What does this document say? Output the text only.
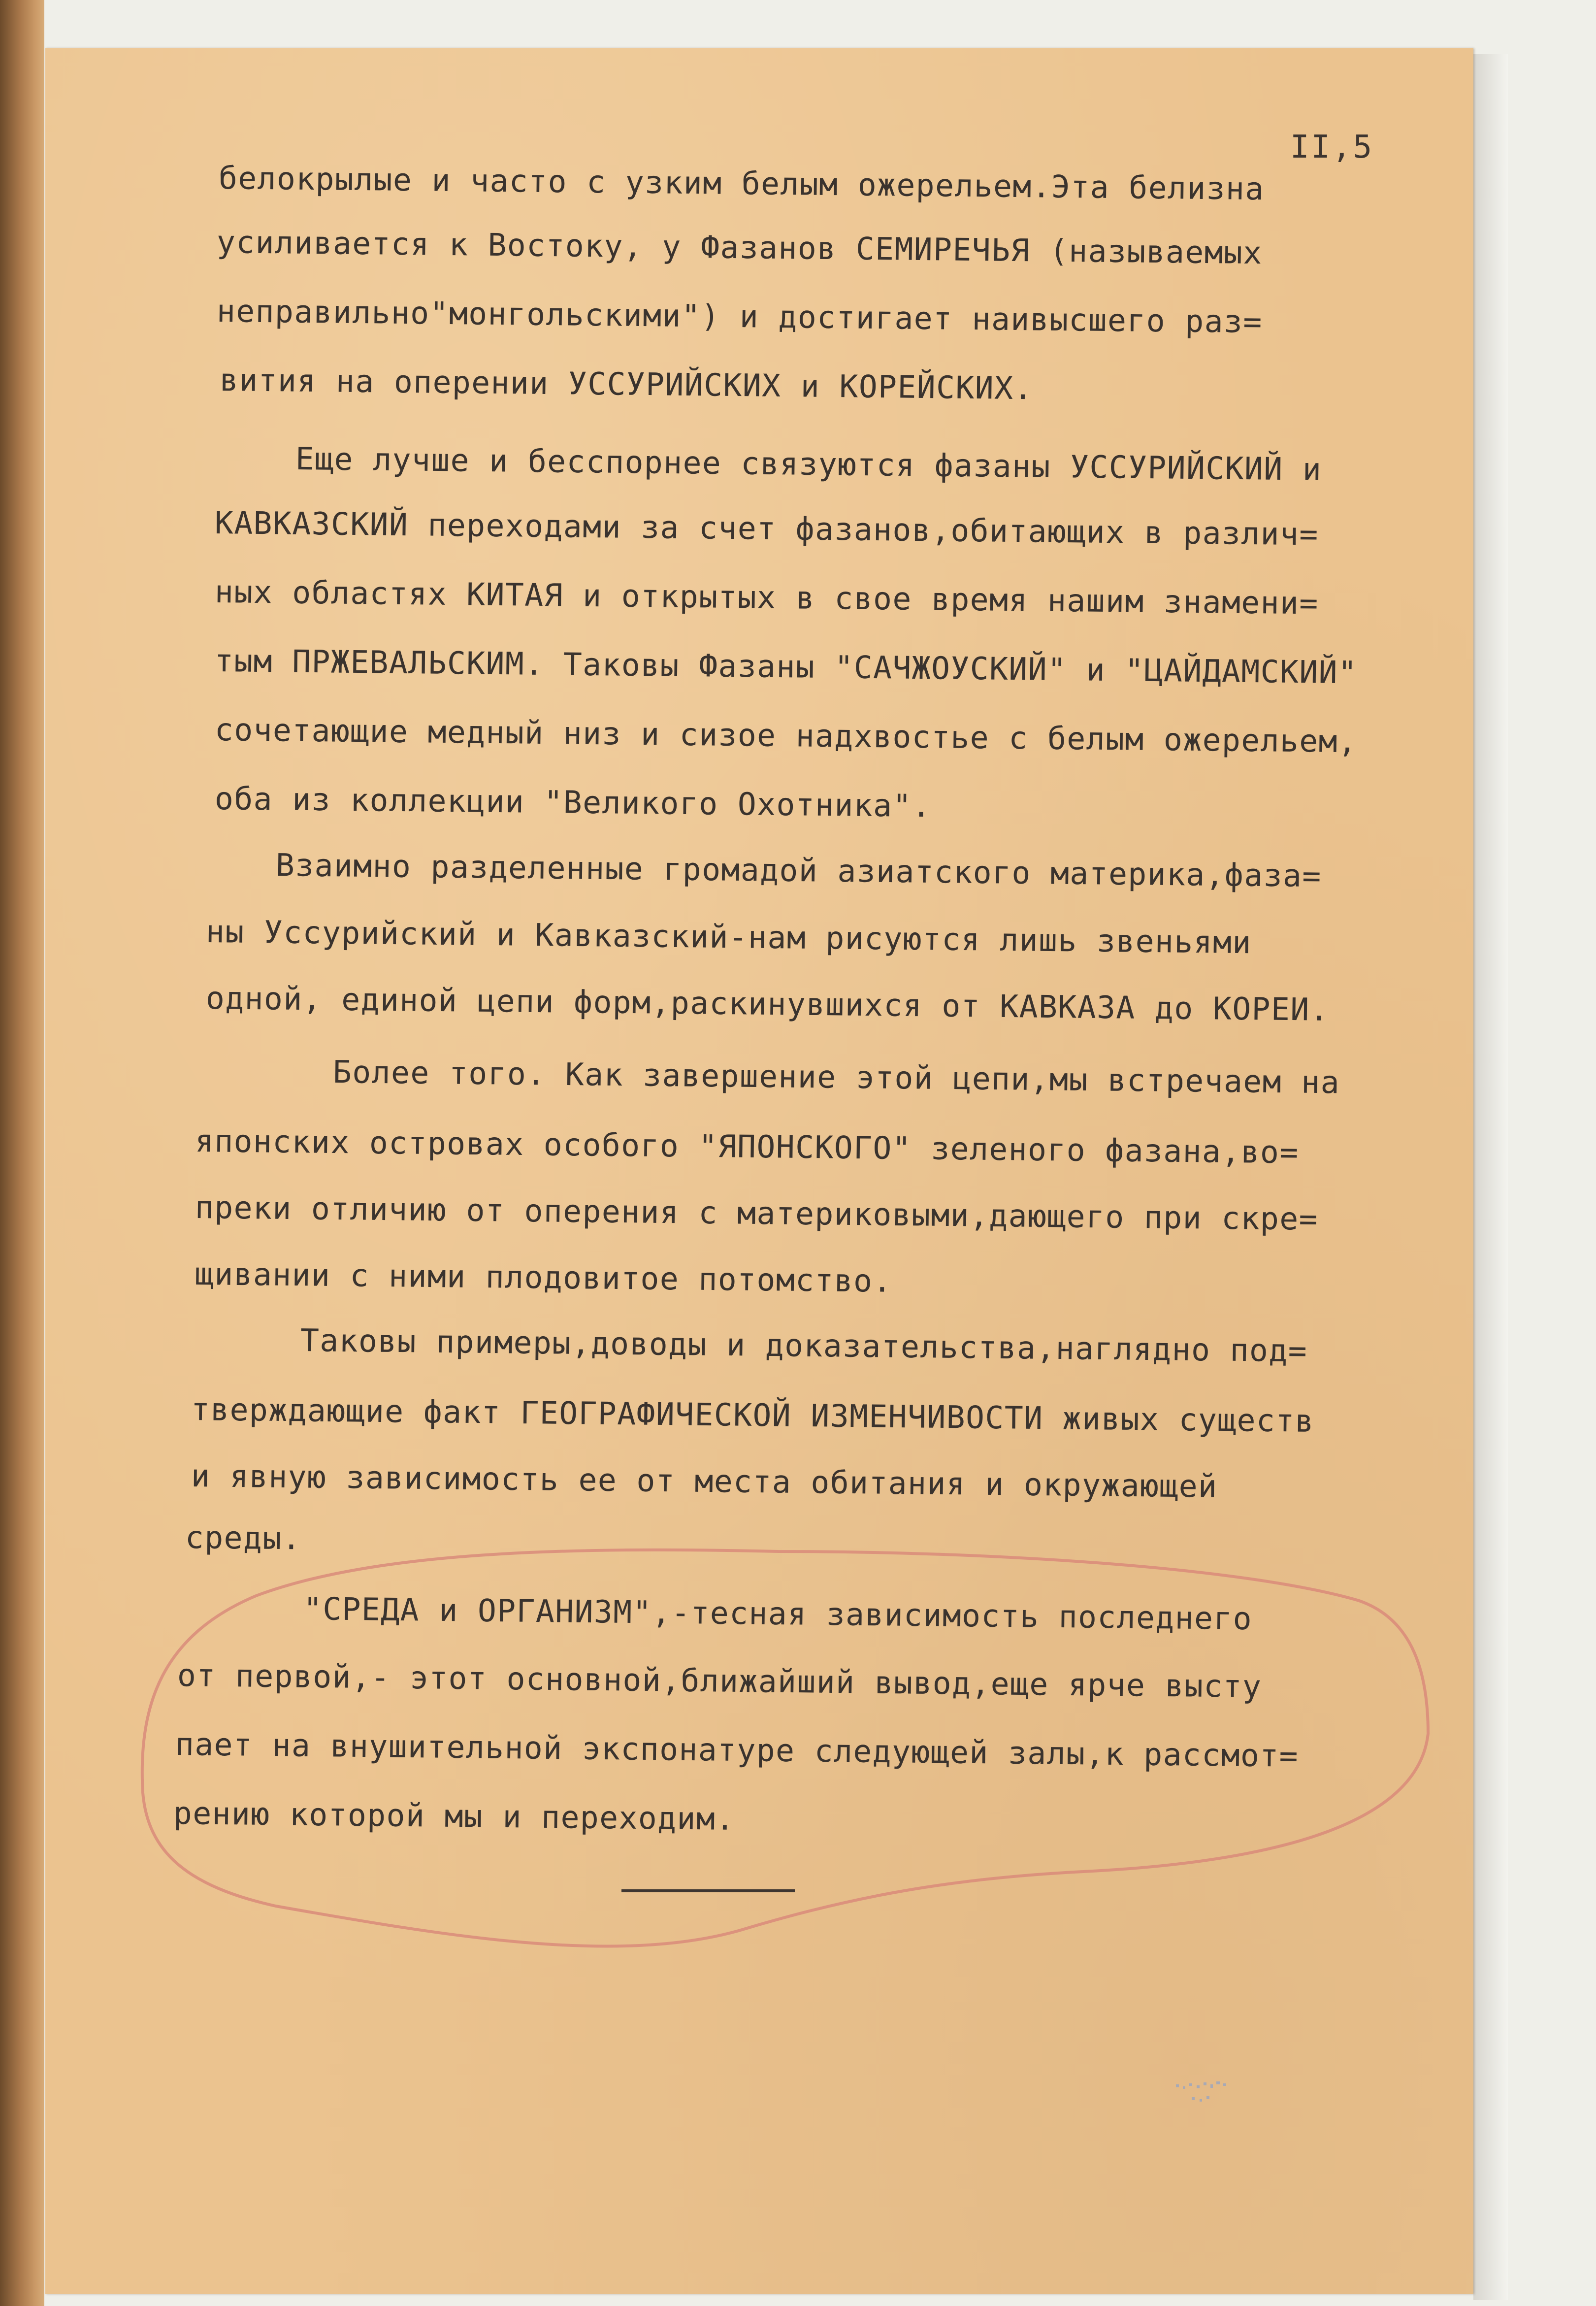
II,5
белокрылые и часто с узким белым ожерельем.Эта белизна
усиливается к Востоку, у Фазанов СЕМИРЕЧЬЯ (называемых
неправильно"монгольскими") и достигает наивысшего раз=
вития на оперении УССУРИЙСКИХ и КОРЕЙСКИХ.
Еще лучше и бесспорнее связуются фазаны УССУРИЙСКИЙ и
КАВКАЗСКИЙ переходами за счет фазанов,обитающих в различ=
ных областях КИТАЯ и открытых в свое время нашим знамени=
тым ПРЖЕВАЛЬСКИМ. Таковы Фазаны "САЧЖОУСКИЙ" и "ЦАЙДАМСКИЙ"
сочетающие медный низ и сизое надхвостье с белым ожерельем,
оба из коллекции "Великого Охотника".
Взаимно разделенные громадой азиатского материка,фаза=
ны Уссурийский и Кавказский-нам рисуются лишь звеньями
одной, единой цепи форм,раскинувшихся от КАВКАЗА до КОРЕИ.
Более того. Как завершение этой цепи,мы встречаем на
японских островах особого "ЯПОНСКОГО" зеленого фазана,во=
преки отличию от оперения с материковыми,дающего при скре=
щивании с ними плодовитое потомство.
Таковы примеры,доводы и доказательства,наглядно под=
тверждающие факт ГЕОГРАФИЧЕСКОЙ ИЗМЕНЧИВОСТИ живых существ
и явную зависимость ее от места обитания и окружающей
среды.
"СРЕДА и ОРГАНИЗМ",-тесная зависимость последнего
от первой,- этот основной,ближайший вывод,еще ярче высту
пает на внушительной экспонатуре следующей залы,к рассмот=
рению которой мы и переходим.
